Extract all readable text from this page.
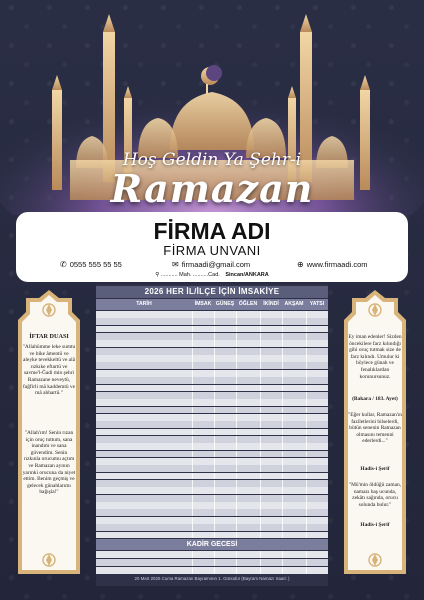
Hoş Geldin Ya Şehr-i
Ramazan
FİRMA ADI
FİRMA UNVANI
✆ 0555 555 55 55	✉ firmaadi@gmail.com	⊕ www.firmaadi.com
⚲ ........... Mah. ..........Cad. Sincan/ANKARA
İFTAR DUASI
"Allahümme leke sumtu ve bike âmentü ve aleyke tevekkeltü ve alâ rızkıke eftartü ve savme'l-Ğadi min şehri Ramazane neveytü, fağfirli mâ kaddemtü ve mâ ahhartü."
"Allah'ım! Senin rızan için oruç tuttum, sana inandım ve sana güvendim. Senin rızkınla orucumu açtım ve Ramazan ayının yarınki orucuna da niyet ettim. Benim geçmiş ve gelecek günahlarımı bağışla!"
Ey iman edenler! Sizden öncekilere farz kılındığı gibi oruç tutmak size de farz kılındı. Umulur ki böylece günah ve fenalıklardan korunursunuz.
(Bakara / 183. Ayet)
"Eğer kullar, Ramazan'ın faziletlerini bilselerdi, bütün senenin Ramazan olmasını temenni ederlerdi..."
Hadis-i Şerif
"Mü'min öldüğü zaman, namazı baş ucunda, zekâtı sağında, orucu solunda bulur."
Hadis-i Şerif
2026 HER İL/İLÇE İÇİN İMSAKİYE
TARİH	İMSAK GÜNEŞ ÖĞLEN	İKİNDİ	AKŞAM	YATSI
KADİR GECESİ
20 Mart 2026 Cuma Ramazan Bayramının 1. Günüdür (Bayram Namazı Saati: )
